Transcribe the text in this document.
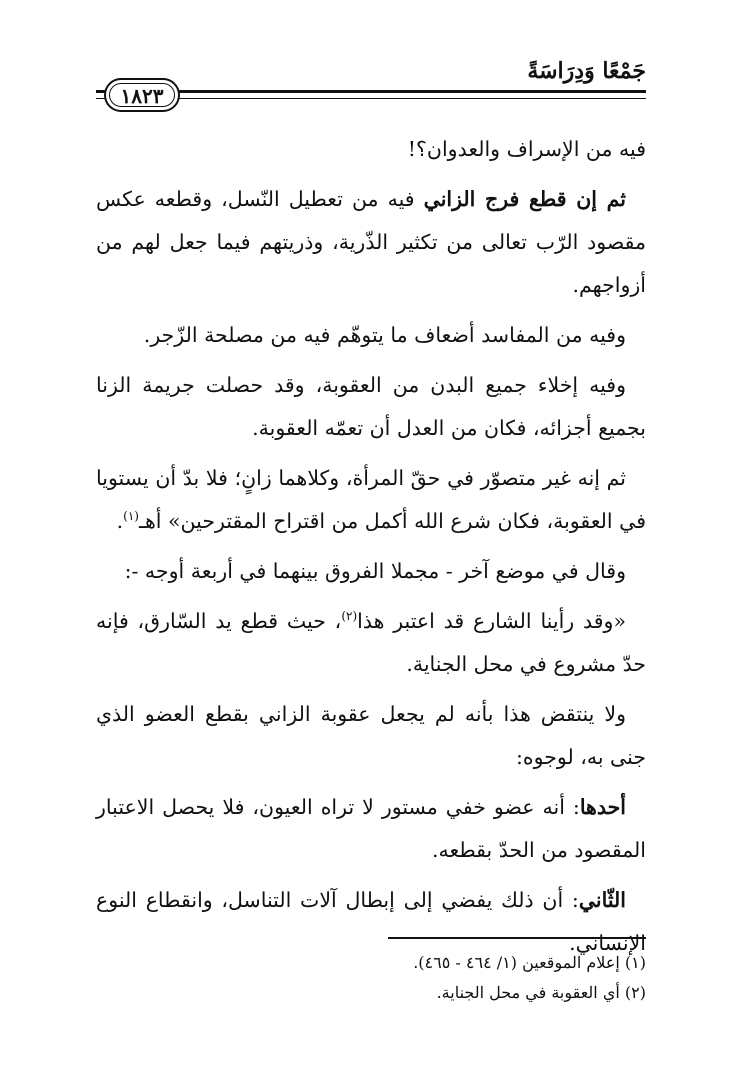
جَمْعًا وَدِرَاسَةً
١٨٢٣

فيه من الإسراف والعدوان؟!

ثم إن قطع فرج الزاني فيه من تعطيل النّسل، وقطعه عكس مقصود الرّب تعالى من تكثير الذّرية، وذريتهم فيما جعل لهم من أزواجهم.

وفيه من المفاسد أضعاف ما يتوهّم فيه من مصلحة الزّجر.

وفيه إخلاء جميع البدن من العقوبة، وقد حصلت جريمة الزنا بجميع أجزائه، فكان من العدل أن تعمّه العقوبة.

ثم إنه غير متصوّر في حقّ المرأة، وكلاهما زانٍ؛ فلا بدّ أن يستويا في العقوبة، فكان شرع الله أكمل من اقتراح المقترحين» أهـ$^{(١)}$.

وقال في موضع آخر - مجملا الفروق بينهما في أربعة أوجه -:

«وقد رأينا الشارع قد اعتبر هذا$^{(٢)}$، حيث قطع يد السّارق، فإنه حدّ مشروع في محل الجناية.

ولا ينتقض هذا بأنه لم يجعل عقوبة الزاني بقطع العضو الذي جنى به، لوجوه:

أحدها: أنه عضو خفي مستور لا تراه العيون، فلا يحصل الاعتبار المقصود من الحدّ بقطعه.

الثّاني: أن ذلك يفضي إلى إبطال آلات التناسل، وانقطاع النوع الإنساني.

(١) إعلام الموقعين (١/ ٤٦٤ - ٤٦٥).

(٢) أي العقوبة في محل الجناية.
